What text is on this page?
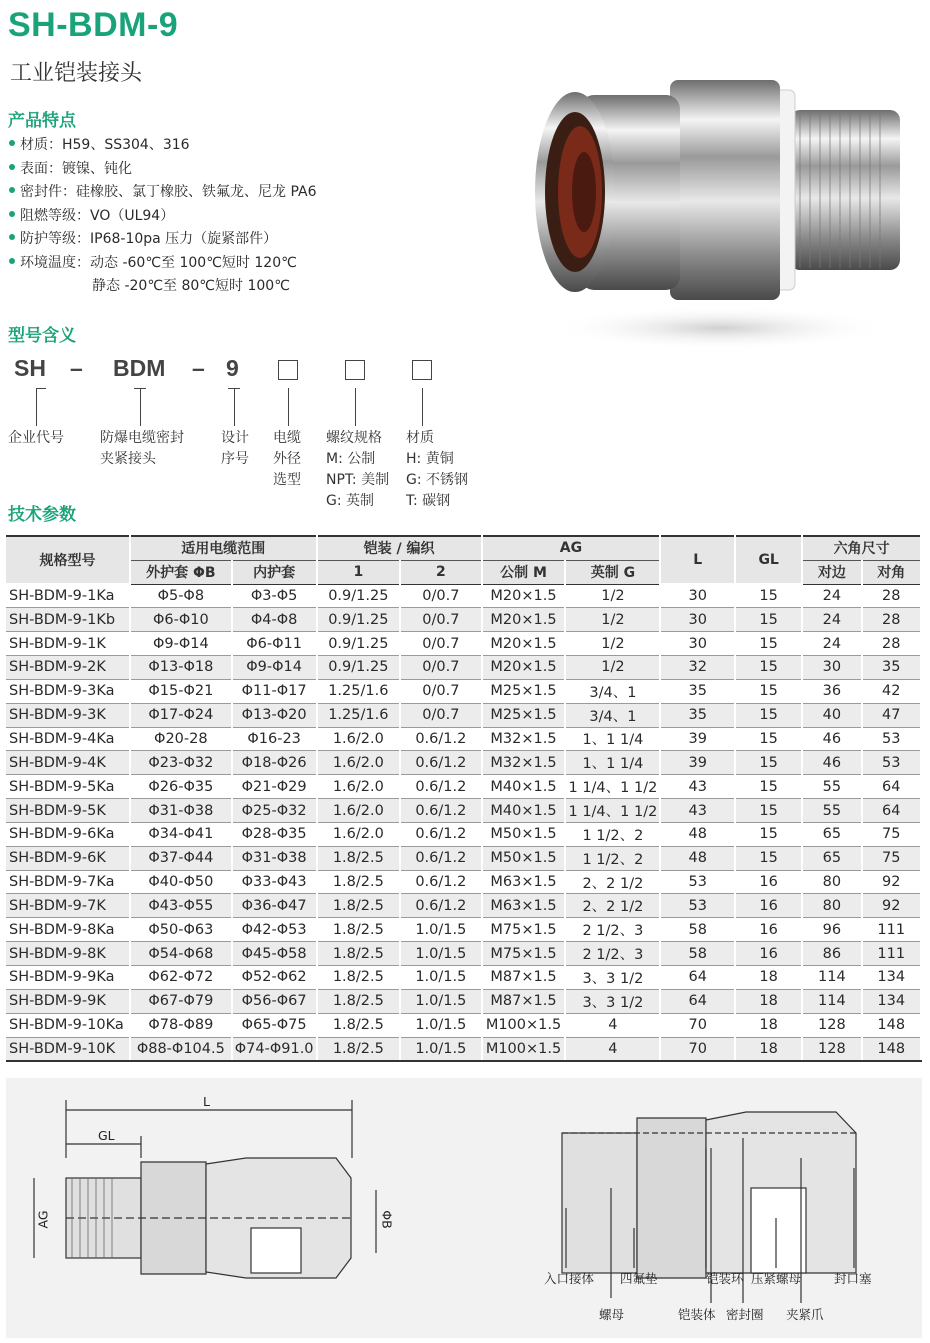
SH-BDM-9
工业铠装接头
产品特点
材质： H59、SS304、316
表面： 镀镍、钝化
密封件： 硅橡胶、氯丁橡胶、铁氟龙、尼龙 PA6
阻燃等级： VO（UL94）
防护等级： IP68-10pa 压力（旋紧部件）
环境温度： 动态 -60℃至 100℃短时 120℃
静态 -20℃至 80℃短时 100℃
型号含义
SH – BDM – 9
企业代号	防爆电缆密封
夹紧接头
设计
序号
电缆
外径
选型
螺纹规格
M: 公制
NPT: 美制
G: 英制
材质
H: 黄铜
G: 不锈钢
T: 碳钢
技术参数
规格型号	适用电缆范围		铠装 / 编织		AG		L	GL	六角尺寸	
	外护套 ΦB	内护套	1	2	公制 M	英制 G			对边	对角
SH-BDM-9-1Ka	Φ5-Φ8	Φ3-Φ5	0.9/1.25	0/0.7	M20×1.5	1/2	30	15	24	28
SH-BDM-9-1Kb	Φ6-Φ10	Φ4-Φ8	0.9/1.25	0/0.7	M20×1.5	1/2	30	15	24	28
SH-BDM-9-1K	Φ9-Φ14	Φ6-Φ11	0.9/1.25	0/0.7	M20×1.5	1/2	30	15	24	28
SH-BDM-9-2K	Φ13-Φ18	Φ9-Φ14	0.9/1.25	0/0.7	M20×1.5	1/2	32	15	30	35
SH-BDM-9-3Ka	Φ15-Φ21	Φ11-Φ17	1.25/1.6	0/0.7	M25×1.5	3/4、1	35	15	36	42
SH-BDM-9-3K	Φ17-Φ24	Φ13-Φ20	1.25/1.6	0/0.7	M25×1.5	3/4、1	35	15	40	47
SH-BDM-9-4Ka	Φ20-28	Φ16-23	1.6/2.0	0.6/1.2	M32×1.5	1、1 1/4	39	15	46	53
SH-BDM-9-4K	Φ23-Φ32	Φ18-Φ26	1.6/2.0	0.6/1.2	M32×1.5	1、1 1/4	39	15	46	53
SH-BDM-9-5Ka	Φ26-Φ35	Φ21-Φ29	1.6/2.0	0.6/1.2	M40×1.5	1 1/4、1 1/2	43	15	55	64
SH-BDM-9-5K	Φ31-Φ38	Φ25-Φ32	1.6/2.0	0.6/1.2	M40×1.5	1 1/4、1 1/2	43	15	55	64
SH-BDM-9-6Ka	Φ34-Φ41	Φ28-Φ35	1.6/2.0	0.6/1.2	M50×1.5	1 1/2、2	48	15	65	75
SH-BDM-9-6K	Φ37-Φ44	Φ31-Φ38	1.8/2.5	0.6/1.2	M50×1.5	1 1/2、2	48	15	65	75
SH-BDM-9-7Ka	Φ40-Φ50	Φ33-Φ43	1.8/2.5	0.6/1.2	M63×1.5	2、2 1/2	53	16	80	92
SH-BDM-9-7K	Φ43-Φ55	Φ36-Φ47	1.8/2.5	0.6/1.2	M63×1.5	2、2 1/2	53	16	80	92
SH-BDM-9-8Ka	Φ50-Φ63	Φ42-Φ53	1.8/2.5	1.0/1.5	M75×1.5	2 1/2、3	58	16	96	111
SH-BDM-9-8K	Φ54-Φ68	Φ45-Φ58	1.8/2.5	1.0/1.5	M75×1.5	2 1/2、3	58	16	86	111
SH-BDM-9-9Ka	Φ62-Φ72	Φ52-Φ62	1.8/2.5	1.0/1.5	M87×1.5	3、3 1/2	64	18	114	134
SH-BDM-9-9K	Φ67-Φ79	Φ56-Φ67	1.8/2.5	1.0/1.5	M87×1.5	3、3 1/2	64	18	114	134
SH-BDM-9-10Ka	Φ78-Φ89	Φ65-Φ75	1.8/2.5	1.0/1.5	M100×1.5	4	70	18	128	148
SH-BDM-9-10K	Φ88-Φ104.5	Φ74-Φ91.0	1.8/2.5	1.0/1.5	M100×1.5	4	70	18	128	148
L
GL
AG	ΦB
入口接体 四氟垫	铠装环 压紧螺母	封口塞
螺母	铠装体 密封圈 夹紧爪
